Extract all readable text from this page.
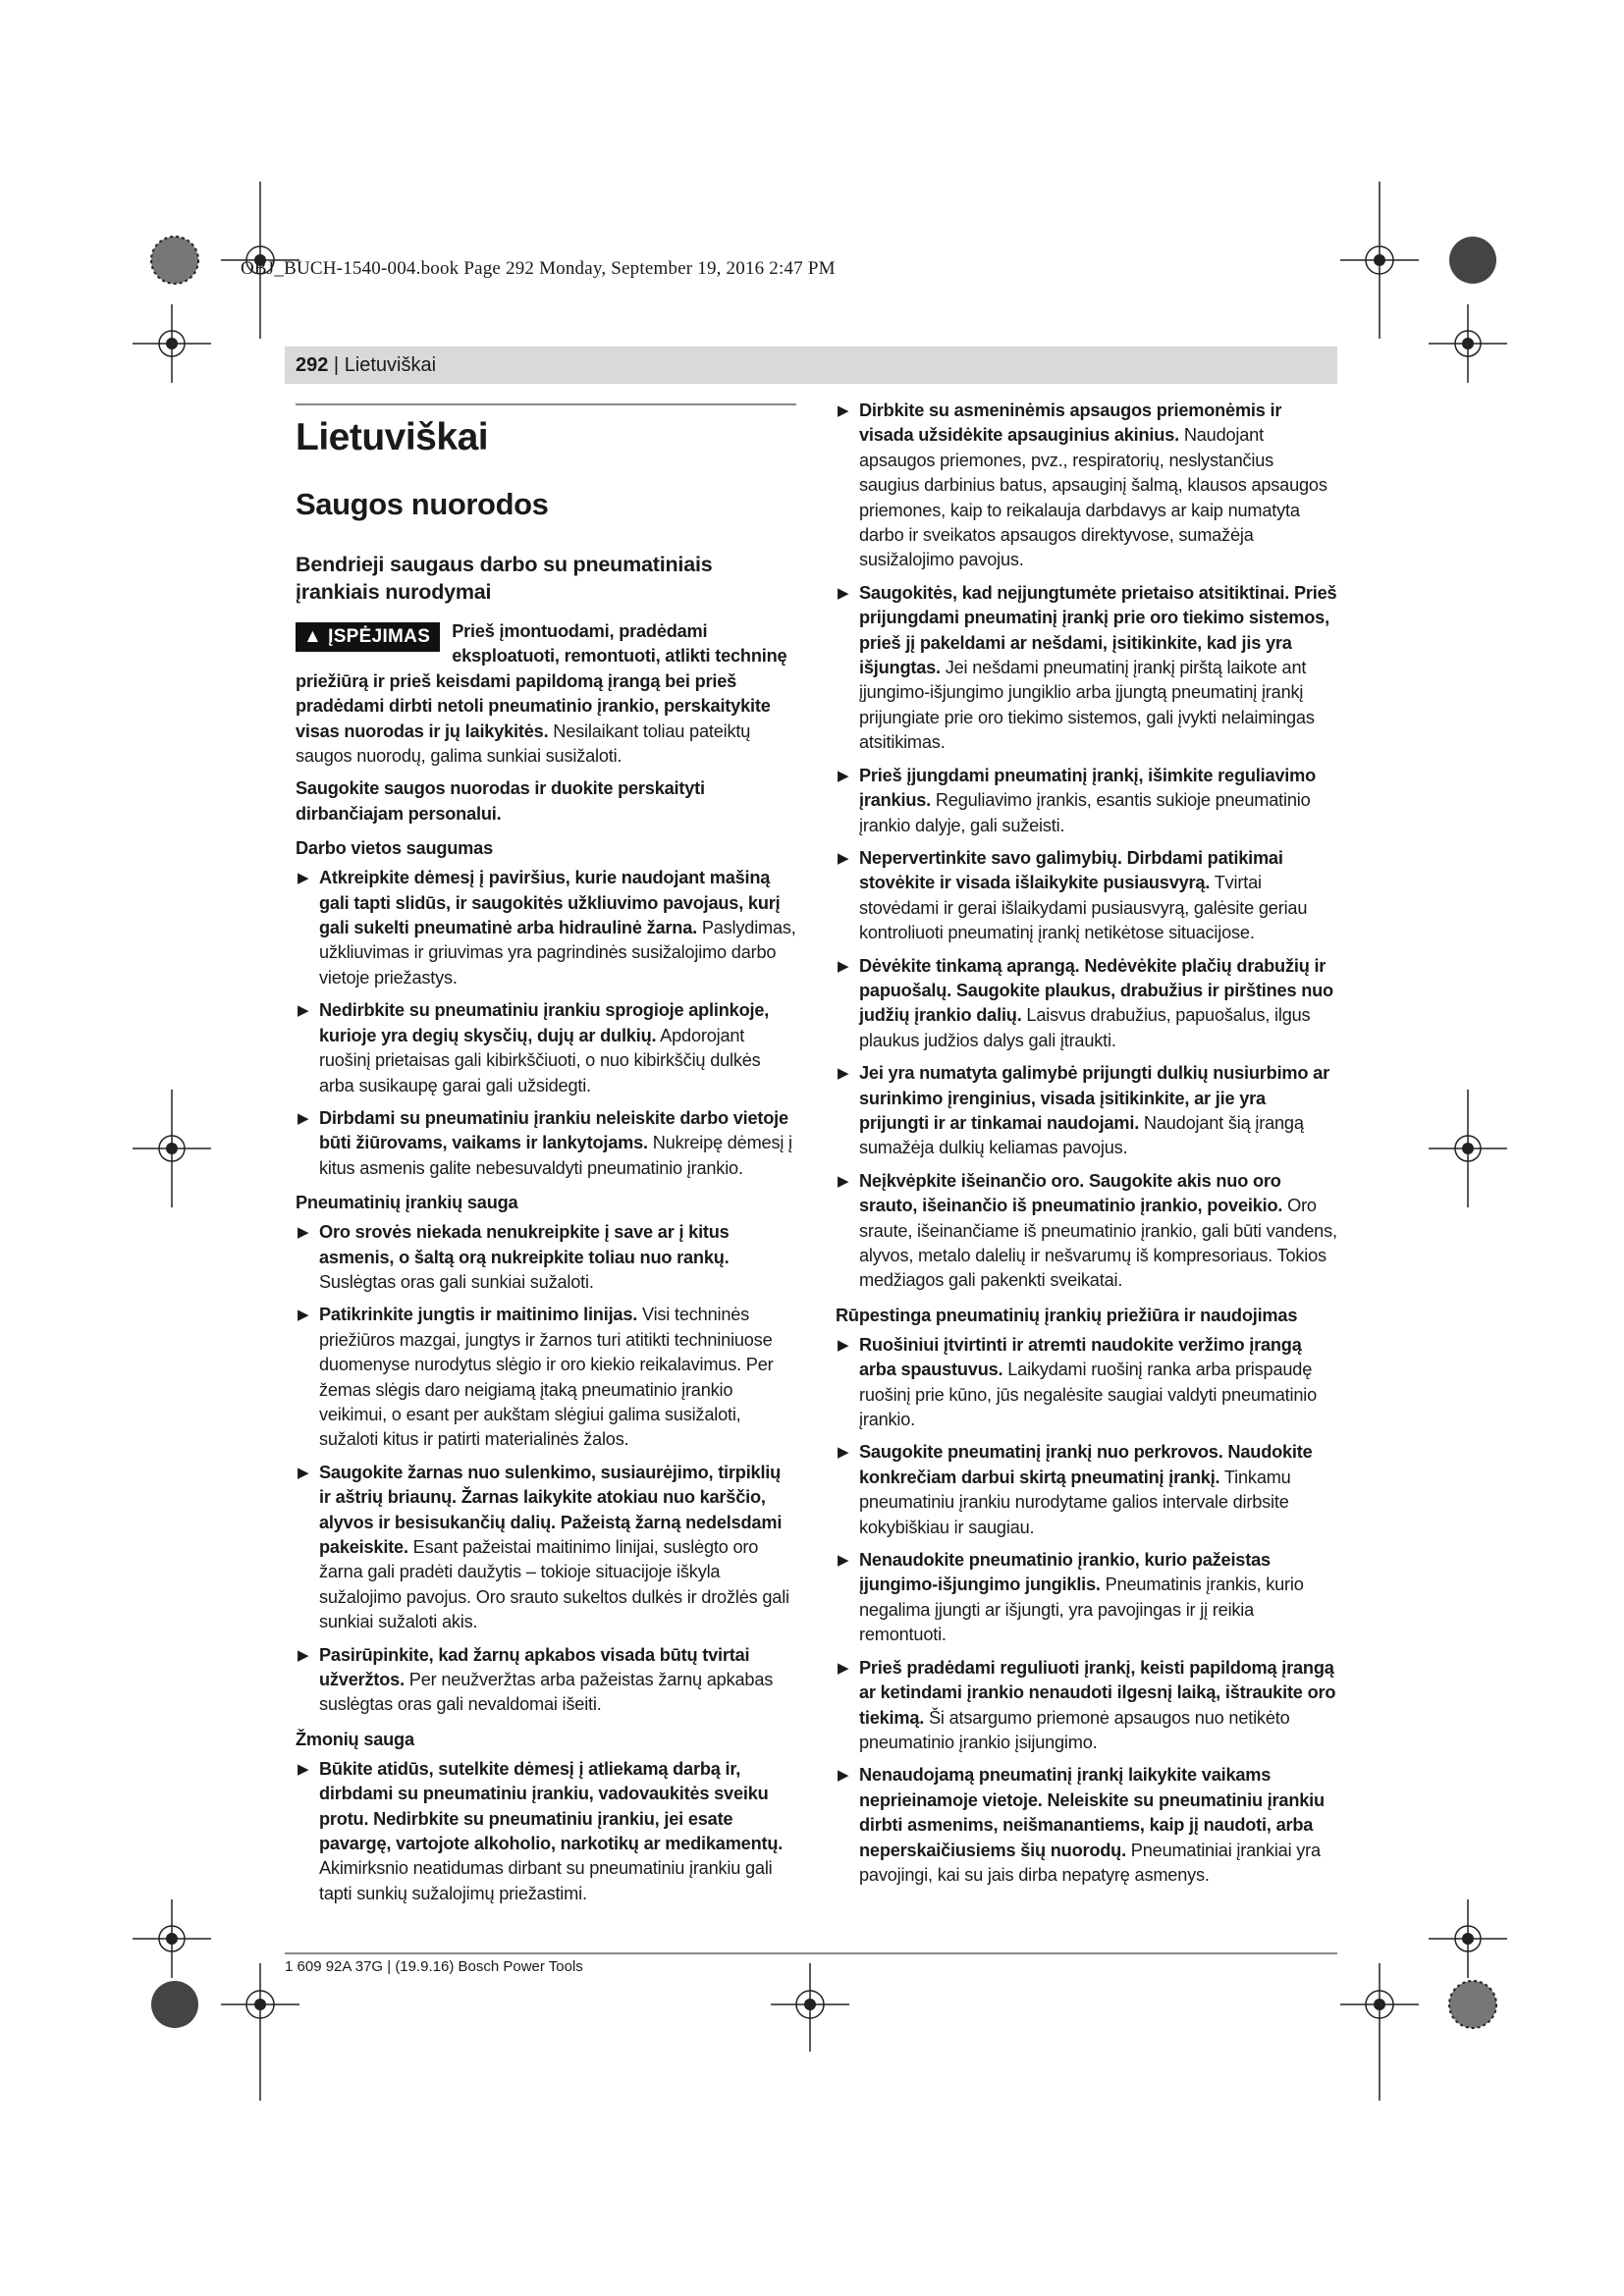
OBJ_BUCH-1540-004.book Page 292 Monday, September 19, 2016 2:47 PM
292 | Lietuviškai
Lietuviškai
Saugos nuorodos
Bendrieji saugaus darbo su pneumatiniais įrankiais nurodymai

▲ ĮSPĖJIMAS	Prieš įmontuodami, pradėdami eksploatuoti, remontuoti, atlikti techninę priežiūrą ir prieš keisdami papildomą įrangą bei prieš pradėdami dirbti netoli pneumatinio įrankio, perskaitykite visas nuorodas ir jų laikykitės. Nesilaikant toliau pateiktų saugos nuorodų, galima sunkiai susižaloti.

Saugokite saugos nuorodas ir duokite perskaityti dirbančiajam personalui.

Darbo vietos saugumas

▶ Atkreipkite dėmesį į paviršius, kurie naudojant mašiną gali tapti slidūs, ir saugokitės užkliuvimo pavojaus, kurį gali sukelti pneumatinė arba hidraulinė žarna. Paslydimas, užkliuvimas ir griuvimas yra pagrindinės susižalojimo darbo vietoje priežastys.

▶ Nedirbkite su pneumatiniu įrankiu sprogioje aplinkoje, kurioje yra degių skysčių, dujų ar dulkių. Apdorojant ruošinį prietaisas gali kibirkščiuoti, o nuo kibirkščių dulkės arba susikaupę garai gali užsidegti.

▶ Dirbdami su pneumatiniu įrankiu neleiskite darbo vietoje būti žiūrovams, vaikams ir lankytojams. Nukreipę dėmesį į kitus asmenis galite nebesuvaldyti pneumatinio įrankio.

Pneumatinių įrankių sauga

▶ Oro srovės niekada nenukreipkite į save ar į kitus asmenis, o šaltą orą nukreipkite toliau nuo rankų. Suslėgtas oras gali sunkiai sužaloti.

▶ Patikrinkite jungtis ir maitinimo linijas. Visi techninės priežiūros mazgai, jungtys ir žarnos turi atitikti techniniuose duomenyse nurodytus slėgio ir oro kiekio reikalavimus. Per žemas slėgis daro neigiamą įtaką pneumatinio įrankio veikimui, o esant per aukštam slėgiui galima susižaloti, sužaloti kitus ir patirti materialinės žalos.

▶ Saugokite žarnas nuo sulenkimo, susiaurėjimo, tirpiklių ir aštrių briaunų. Žarnas laikykite atokiau nuo karščio, alyvos ir besisukančių dalių. Pažeistą žarną nedelsdami pakeiskite. Esant pažeistai maitinimo linijai, suslėgto oro žarna gali pradėti daužytis – tokioje situacijoje iškyla sužalojimo pavojus. Oro srauto sukeltos dulkės ir drožlės gali sunkiai sužaloti akis.

▶ Pasirūpinkite, kad žarnų apkabos visada būtų tvirtai užveržtos. Per neužveržtas arba pažeistas žarnų apkabas suslėgtas oras gali nevaldomai išeiti.

Žmonių sauga

▶ Būkite atidūs, sutelkite dėmesį į atliekamą darbą ir, dirbdami su pneumatiniu įrankiu, vadovaukitės sveiku protu. Nedirbkite su pneumatiniu įrankiu, jei esate pavargę, vartojote alkoholio, narkotikų ar medikamentų. Akimirksnio neatidumas dirbant su pneumatiniu įrankiu gali tapti sunkių sužalojimų priežastimi.

▶ Dirbkite su asmeninėmis apsaugos priemonėmis ir visada užsidėkite apsauginius akinius. Naudojant apsaugos priemones, pvz., respiratorių, neslystančius saugius darbinius batus, apsauginį šalmą, klausos apsaugos priemones, kaip to reikalauja darbdavys ar kaip numatyta darbo ir sveikatos apsaugos direktyvose, sumažėja susižalojimo pavojus.

▶ Saugokitės, kad neįjungtumėte prietaiso atsitiktinai. Prieš prijungdami pneumatinį įrankį prie oro tiekimo sistemos, prieš jį pakeldami ar nešdami, įsitikinkite, kad jis yra išjungtas. Jei nešdami pneumatinį įrankį pirštą laikote ant įjungimo-išjungimo jungiklio arba įjungtą pneumatinį įrankį prijungiate prie oro tiekimo sistemos, gali įvykti nelaimingas atsitikimas.

▶ Prieš įjungdami pneumatinį įrankį, išimkite reguliavimo įrankius. Reguliavimo įrankis, esantis sukioje pneumatinio įrankio dalyje, gali sužeisti.

▶ Nepervertinkite savo galimybių. Dirbdami patikimai stovėkite ir visada išlaikykite pusiausvyrą. Tvirtai stovėdami ir gerai išlaikydami pusiausvyrą, galėsite geriau kontroliuoti pneumatinį įrankį netikėtose situacijose.

▶ Dėvėkite tinkamą aprangą. Nedėvėkite plačių drabužių ir papuošalų. Saugokite plaukus, drabužius ir pirštines nuo judžių įrankio dalių. Laisvus drabužius, papuošalus, ilgus plaukus judžios dalys gali įtraukti.

▶ Jei yra numatyta galimybė prijungti dulkių nusiurbimo ar surinkimo įrenginius, visada įsitikinkite, ar jie yra prijungti ir ar tinkamai naudojami. Naudojant šią įrangą sumažėja dulkių keliamas pavojus.

▶ Neįkvėpkite išeinančio oro. Saugokite akis nuo oro srauto, išeinančio iš pneumatinio įrankio, poveikio. Oro sraute, išeinančiame iš pneumatinio įrankio, gali būti vandens, alyvos, metalo dalelių ir nešvarumų iš kompresoriaus. Tokios medžiagos gali pakenkti sveikatai.

Rūpestinga pneumatinių įrankių priežiūra ir naudojimas

▶ Ruošiniui įtvirtinti ir atremti naudokite veržimo įrangą arba spaustuvus. Laikydami ruošinį ranka arba prispaudę ruošinį prie kūno, jūs negalėsite saugiai valdyti pneumatinio įrankio.

▶ Saugokite pneumatinį įrankį nuo perkrovos. Naudokite konkrečiam darbui skirtą pneumatinį įrankį. Tinkamu pneumatiniu įrankiu nurodytame galios intervale dirbsite kokybiškiau ir saugiau.

▶ Nenaudokite pneumatinio įrankio, kurio pažeistas įjungimo-išjungimo jungiklis. Pneumatinis įrankis, kurio negalima įjungti ar išjungti, yra pavojingas ir jį reikia remontuoti.

▶ Prieš pradėdami reguliuoti įrankį, keisti papildomą įrangą ar ketindami įrankio nenaudoti ilgesnį laiką, ištraukite oro tiekimą. Ši atsargumo priemonė apsaugos nuo netikėto pneumatinio įrankio įsijungimo.

▶ Nenaudojamą pneumatinį įrankį laikykite vaikams neprieinamoje vietoje. Neleiskite su pneumatiniu įrankiu dirbti asmenims, neišmanantiems, kaip jį naudoti, arba neperskaičiusiems šių nuorodų. Pneumatiniai įrankiai yra pavojingi, kai su jais dirba nepatyrę asmenys.

1 609 92A 37G | (19.9.16) Bosch Power Tools
